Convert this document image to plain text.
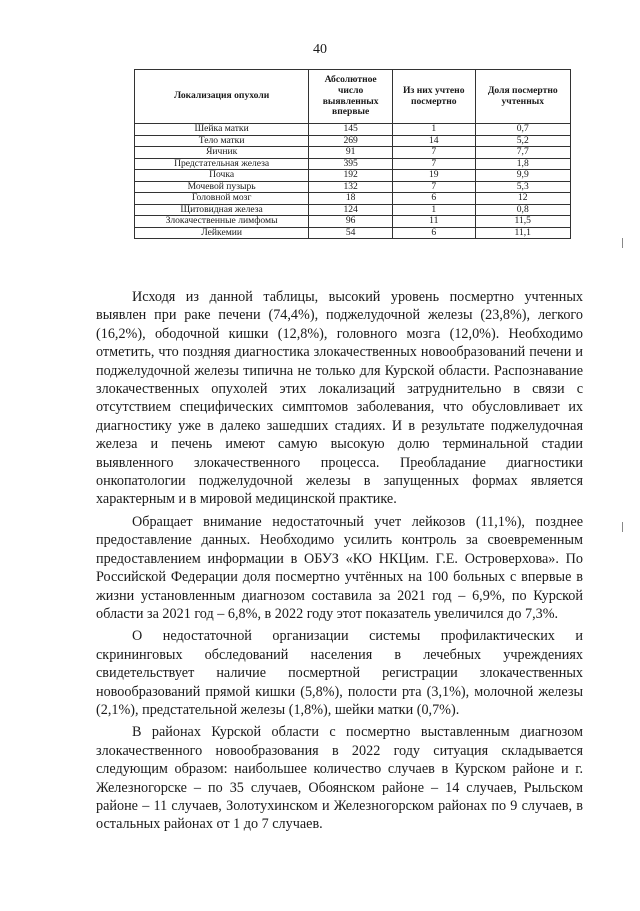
40
Локализация опухоли	Абсолютное число выявленных впервые	Из них учтено посмертно	Доля посмертно учтенных
Шейка матки	145	1	0,7
Тело матки	269	14	5,2
Яичник	91	7	7,7
Предстательная железа	395	7	1,8
Почка	192	19	9,9
Мочевой пузырь	132	7	5,3
Головной мозг	18	6	12
Щитовидная железа	124	1	0,8
Злокачественные лимфомы	96	11	11,5
Лейкемии	54	6	11,1

Исходя из данной таблицы, высокий уровень посмертно учтенных выявлен при раке печени (74,4%), поджелудочной железы (23,8%), легкого (16,2%), ободочной кишки (12,8%), головного мозга (12,0%). Необходимо отметить, что поздняя диагностика злокачественных новообразований печени и поджелудочной железы типична не только для Курской области. Распознавание злокачественных опухолей этих локализаций затруднительно в связи с отсутствием специфических симптомов заболевания, что обусловливает их диагностику уже в далеко зашедших стадиях. И в результате поджелудочная железа и печень имеют самую высокую долю терминальной стадии выявленного злокачественного процесса. Преобладание диагностики онкопатологии поджелудочной железы в запущенных формах является характерным и в мировой медицинской практике.

Обращает внимание недостаточный учет лейкозов (11,1%), позднее предоставление данных. Необходимо усилить контроль за своевременным предоставлением информации в ОБУЗ «КО НКЦим. Г.Е. Островерхова». По Российской Федерации доля посмертно учтённых на 100 больных с впервые в жизни установленным диагнозом составила за 2021 год – 6,9%, по Курской области за 2021 год – 6,8%, в 2022 году этот показатель увеличился до 7,3%.

О недостаточной организации системы профилактических и скрининговых обследований населения в лечебных учреждениях свидетельствует наличие посмертной регистрации злокачественных новообразований прямой кишки (5,8%), полости рта (3,1%), молочной железы (2,1%), предстательной железы (1,8%), шейки матки (0,7%).

В районах Курской области с посмертно выставленным диагнозом злокачественного новообразования в 2022 году ситуация складывается следующим образом: наибольшее количество случаев в Курском районе и г. Железногорске – по 35 случаев, Обоянском районе – 14 случаев, Рыльском районе – 11 случаев, Золотухинском и Железногорском районах по 9 случаев, в остальных районах от 1 до 7 случаев.
